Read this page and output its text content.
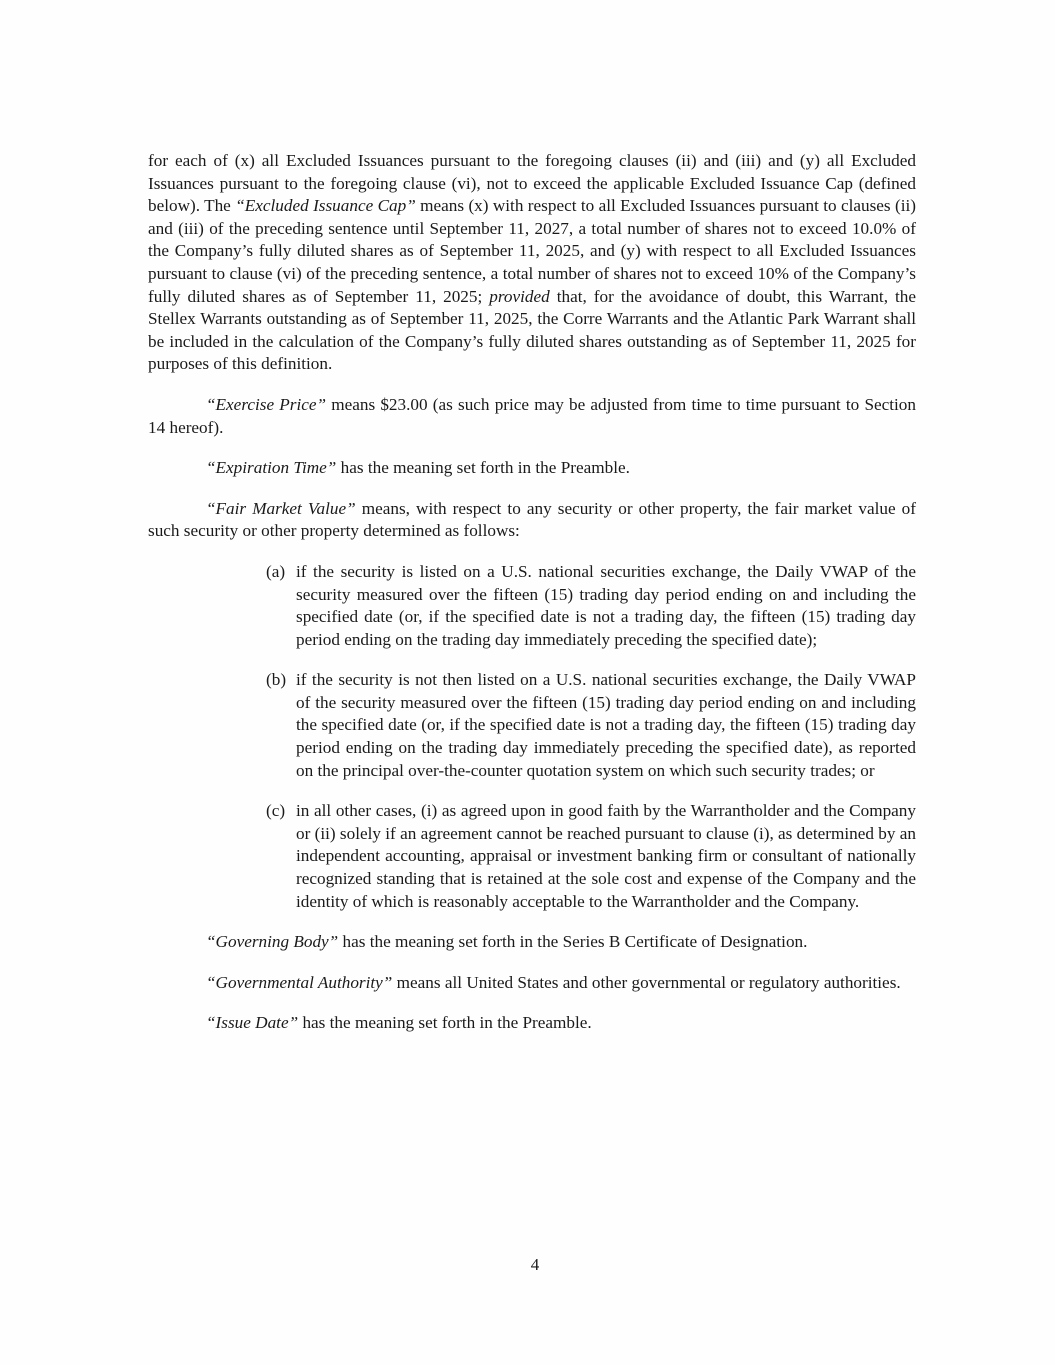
for each of (x) all Excluded Issuances pursuant to the foregoing clauses (ii) and (iii) and (y) all Excluded Issuances pursuant to the foregoing clause (vi), not to exceed the applicable Excluded Issuance Cap (defined below). The “Excluded Issuance Cap” means (x) with respect to all Excluded Issuances pursuant to clauses (ii) and (iii) of the preceding sentence until September 11, 2027, a total number of shares not to exceed 10.0% of the Company’s fully diluted shares as of September 11, 2025, and (y) with respect to all Excluded Issuances pursuant to clause (vi) of the preceding sentence, a total number of shares not to exceed 10% of the Company’s fully diluted shares as of September 11, 2025; provided that, for the avoidance of doubt, this Warrant, the Stellex Warrants outstanding as of September 11, 2025, the Corre Warrants and the Atlantic Park Warrant shall be included in the calculation of the Company’s fully diluted shares outstanding as of September 11, 2025 for purposes of this definition.

“Exercise Price” means $23.00 (as such price may be adjusted from time to time pursuant to Section 14 hereof).

“Expiration Time” has the meaning set forth in the Preamble.

“Fair Market Value” means, with respect to any security or other property, the fair market value of such security or other property determined as follows:

(a) if the security is listed on a U.S. national securities exchange, the Daily VWAP of the security measured over the fifteen (15) trading day period ending on and including the specified date (or, if the specified date is not a trading day, the fifteen (15) trading day period ending on the trading day immediately preceding the specified date);
(b) if the security is not then listed on a U.S. national securities exchange, the Daily VWAP of the security measured over the fifteen (15) trading day period ending on and including the specified date (or, if the specified date is not a trading day, the fifteen (15) trading day period ending on the trading day immediately preceding the specified date), as reported on the principal over-the-counter quotation system on which such security trades; or
(c) in all other cases, (i) as agreed upon in good faith by the Warrantholder and the Company or (ii) solely if an agreement cannot be reached pursuant to clause (i), as determined by an independent accounting, appraisal or investment banking firm or consultant of nationally recognized standing that is retained at the sole cost and expense of the Company and the identity of which is reasonably acceptable to the Warrantholder and the Company.

“Governing Body” has the meaning set forth in the Series B Certificate of Designation.

“Governmental Authority” means all United States and other governmental or regulatory authorities.

“Issue Date” has the meaning set forth in the Preamble.

4
